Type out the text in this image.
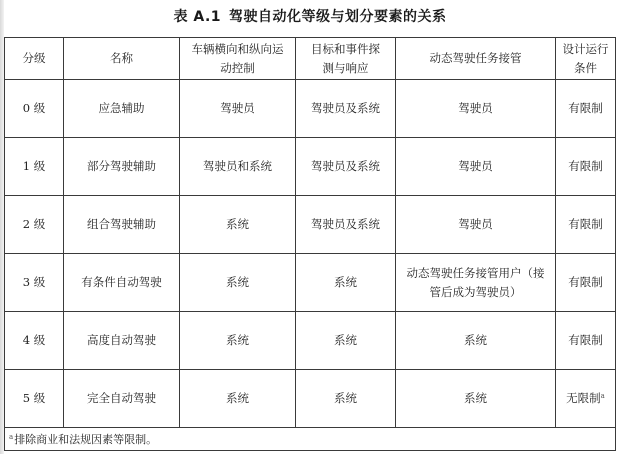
表 A.1 驾驶自动化等级与划分要素的关系
分级	名称	车辆横向和纵向运动控制	目标和事件探测与响应	动态驾驶任务接管	设计运行条件
0 级	应急辅助	驾驶员	驾驶员及系统	驾驶员	有限制
1 级	部分驾驶辅助	驾驶员和系统	驾驶员及系统	驾驶员	有限制
2 级	组合驾驶辅助	系统	驾驶员及系统	驾驶员	有限制
3 级	有条件自动驾驶	系统	系统	动态驾驶任务接管用户（接管后成为驾驶员）	有限制
4 级	高度自动驾驶	系统	系统	系统	有限制
5 级	完全自动驾驶	系统	系统	系统	无限制$^a$
$^a$排除商业和法规因素等限制。					
